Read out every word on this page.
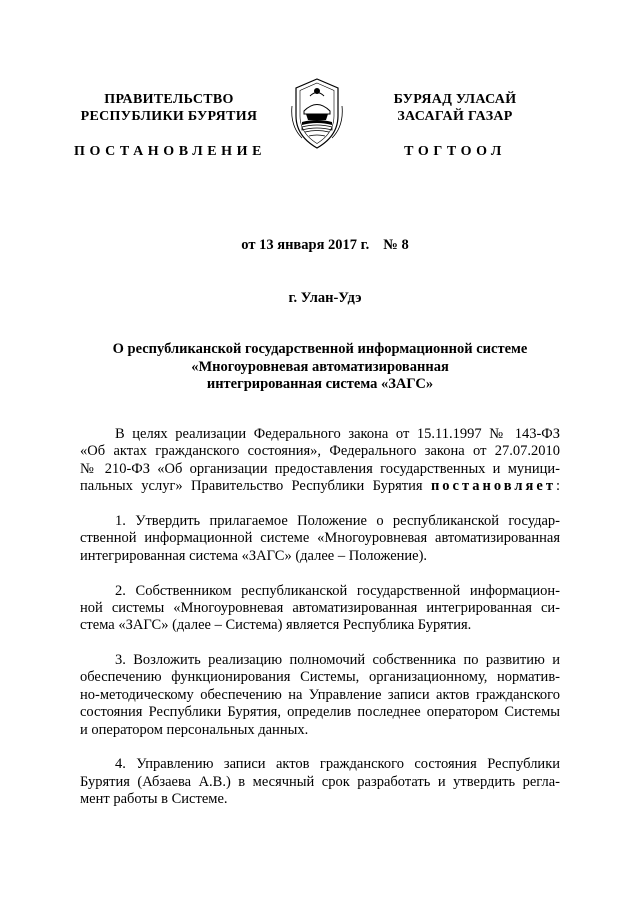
ПРАВИТЕЛЬСТВО
РЕСПУБЛИКИ БУРЯТИЯ
БУРЯАД УЛАСАЙ
ЗАСАГАЙ ГАЗАР
ПОСТАНОВЛЕНИЕ	ТОГТООЛ
от 13 января 2017 г. № 8
г. Улан-Удэ
О республиканской государственной информационной системе
«Многоуровневая автоматизированная
интегрированная система «ЗАГС»
В целях реализации Федерального закона от 15.11.1997 № 143-ФЗ
«Об актах гражданского состояния», Федерального закона от 27.07.2010
№ 210-ФЗ «Об организации предоставления государственных и муници-
пальных услуг» Правительство Республики Бурятия постановляет:
1. Утвердить прилагаемое Положение о республиканской государ-
ственной информационной системе «Многоуровневая автоматизированная
интегрированная система «ЗАГС» (далее – Положение).
2. Собственником республиканской государственной информацион-
ной системы «Многоуровневая автоматизированная интегрированная си-
стема «ЗАГС» (далее – Система) является Республика Бурятия.
3. Возложить реализацию полномочий собственника по развитию и
обеспечению функционирования Системы, организационному, норматив-
но-методическому обеспечению на Управление записи актов гражданского
состояния Республики Бурятия, определив последнее оператором Системы
и оператором персональных данных.
4. Управлению записи актов гражданского состояния Республики
Бурятия (Абзаева А.В.) в месячный срок разработать и утвердить регла-
мент работы в Системе.
